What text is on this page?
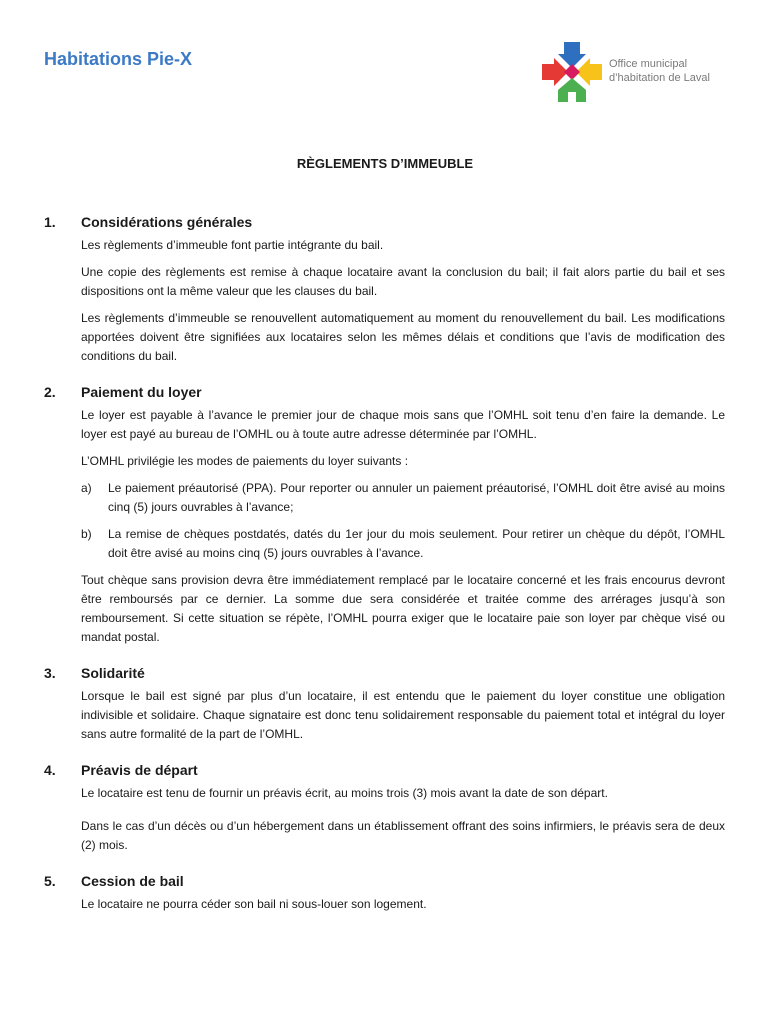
Habitations Pie-X	Office municipal
d’habitation de Laval
RÈGLEMENTS D’IMMEUBLE
1.	Considérations générales

Les règlements d’immeuble font partie intégrante du bail.

Une copie des règlements est remise à chaque locataire avant la conclusion du bail; il fait alors partie du bail et ses dispositions ont la même valeur que les clauses du bail.

Les règlements d’immeuble se renouvellent automatiquement au moment du renouvellement du bail. Les modifications apportées doivent être signifiées aux locataires selon les mêmes délais et conditions que l’avis de modification des conditions du bail.

2.	Paiement du loyer

Le loyer est payable à l’avance le premier jour de chaque mois sans que l’OMHL soit tenu d’en faire la demande. Le loyer est payé au bureau de l’OMHL ou à toute autre adresse déterminée par l’OMHL.

L’OMHL privilégie les modes de paiements du loyer suivants :

a)	Le paiement préautorisé (PPA). Pour reporter ou annuler un paiement préautorisé, l’OMHL doit être avisé au moins cinq (5) jours ouvrables à l’avance;
b)	La remise de chèques postdatés, datés du 1er jour du mois seulement. Pour retirer un chèque du dépôt, l’OMHL doit être avisé au moins cinq (5) jours ouvrables à l’avance.

Tout chèque sans provision devra être immédiatement remplacé par le locataire concerné et les frais encourus devront être remboursés par ce dernier. La somme due sera considérée et traitée comme des arrérages jusqu’à son remboursement. Si cette situation se répète, l’OMHL pourra exiger que le locataire paie son loyer par chèque visé ou mandat postal.

3.	Solidarité

Lorsque le bail est signé par plus d’un locataire, il est entendu que le paiement du loyer constitue une obligation indivisible et solidaire. Chaque signataire est donc tenu solidairement responsable du paiement total et intégral du loyer sans autre formalité de la part de l’OMHL.

4.	Préavis de départ

Le locataire est tenu de fournir un préavis écrit, au moins trois (3) mois avant la date de son départ.

Dans le cas d’un décès ou d’un hébergement dans un établissement offrant des soins infirmiers, le préavis sera de deux (2) mois.

5.	Cession de bail

Le locataire ne pourra céder son bail ni sous-louer son logement.
